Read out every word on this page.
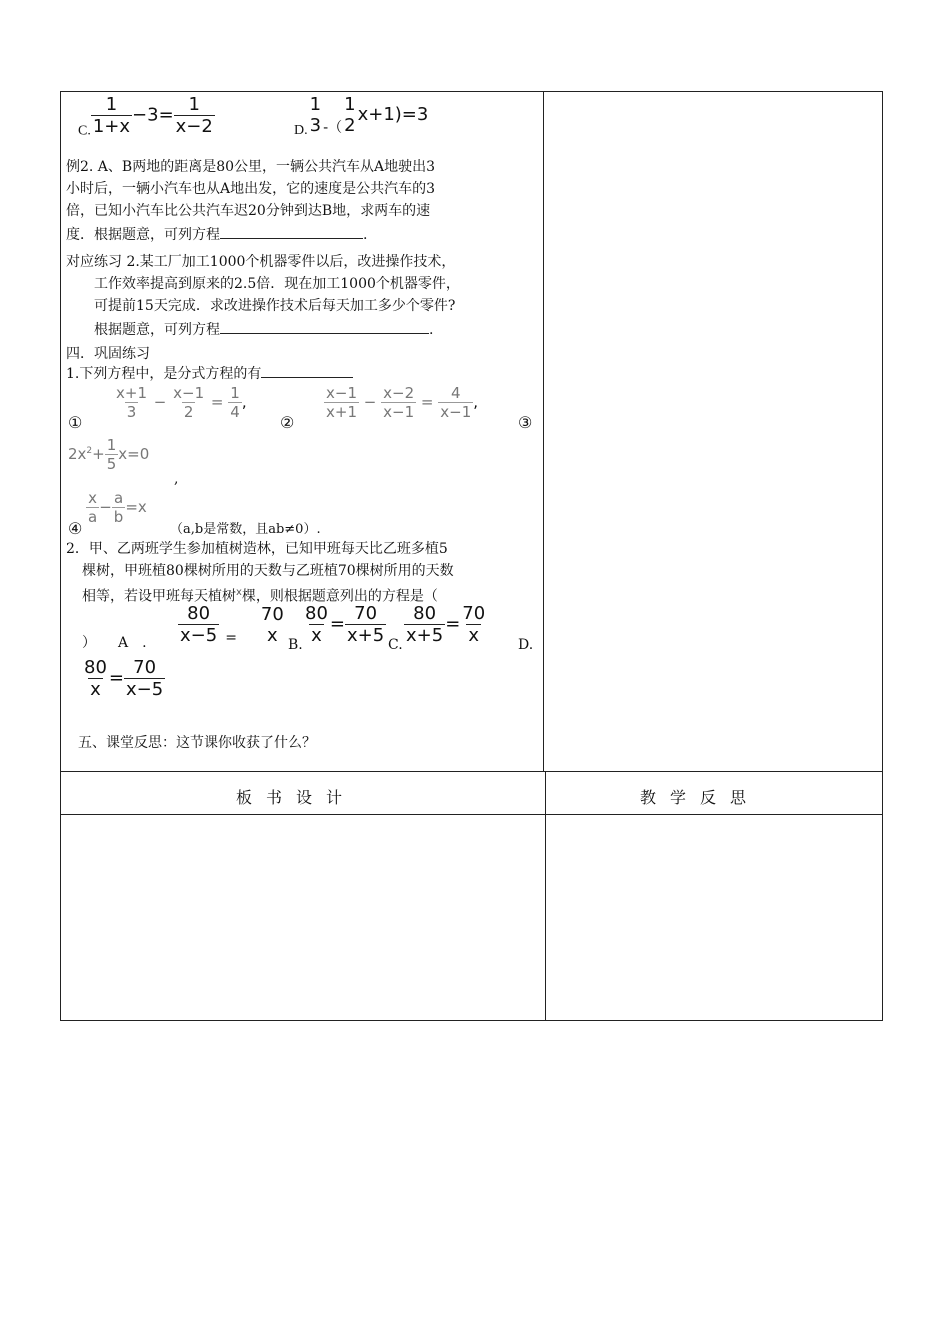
$_{C.} \frac{1}{1+x} -3= \frac{1}{x-2}$	$_{D.}$
1
3 $_{-(}$
1
2
x+1)=3
例2. A、B两地的距离是80公里，一辆公共汽车从A地驶出3
小时后，一辆小汽车也从A地出发，它的速度是公共汽车的3
倍，已知小汽车比公共汽车迟20分钟到达B地，求两车的速
度．根据题意，可列方程	.
对应练习 2.某工厂加工1000个机器零件以后，改进操作技术，
工作效率提高到原来的2.5倍．现在加工1000个机器零件，
可提前15天完成．求改进操作技术后每天加工多少个零件?
根据题意，可列方程	.
四．巩固练习
1.下列方程中，是分式方程的有
$\frac{x+1}{3} - \frac{x-1}{2} = \frac{1}{4}$ ,
①	②	③
$\frac{x-1}{x+1} - \frac{x-2}{x-1} = \frac{4}{x-1}$ ,
$2x^2+ \frac{1}{5} x=0$
,
$\frac{x}{a} - \frac{a}{b} =x$
④	（a,b是常数，且ab≠0）.
2．甲、乙两班学生参加植树造林，已知甲班每天比乙班多植5
棵树，甲班植80棵树所用的天数与乙班植70棵树所用的天数
相等，若设甲班每天植树$^x$棵，则根据题意列出的方程是（
） A　. $\frac{80}{x-5} _=$
70
x B. $\frac{80}{x} = \frac{70}{x+5} C$. $\frac{80}{x+5} = \frac{70}{x} D$.
$\frac{80}{x} = \frac{70}{x-5}$
五、课堂反思：这节课你收获了什么？
板书设计	教学反思
